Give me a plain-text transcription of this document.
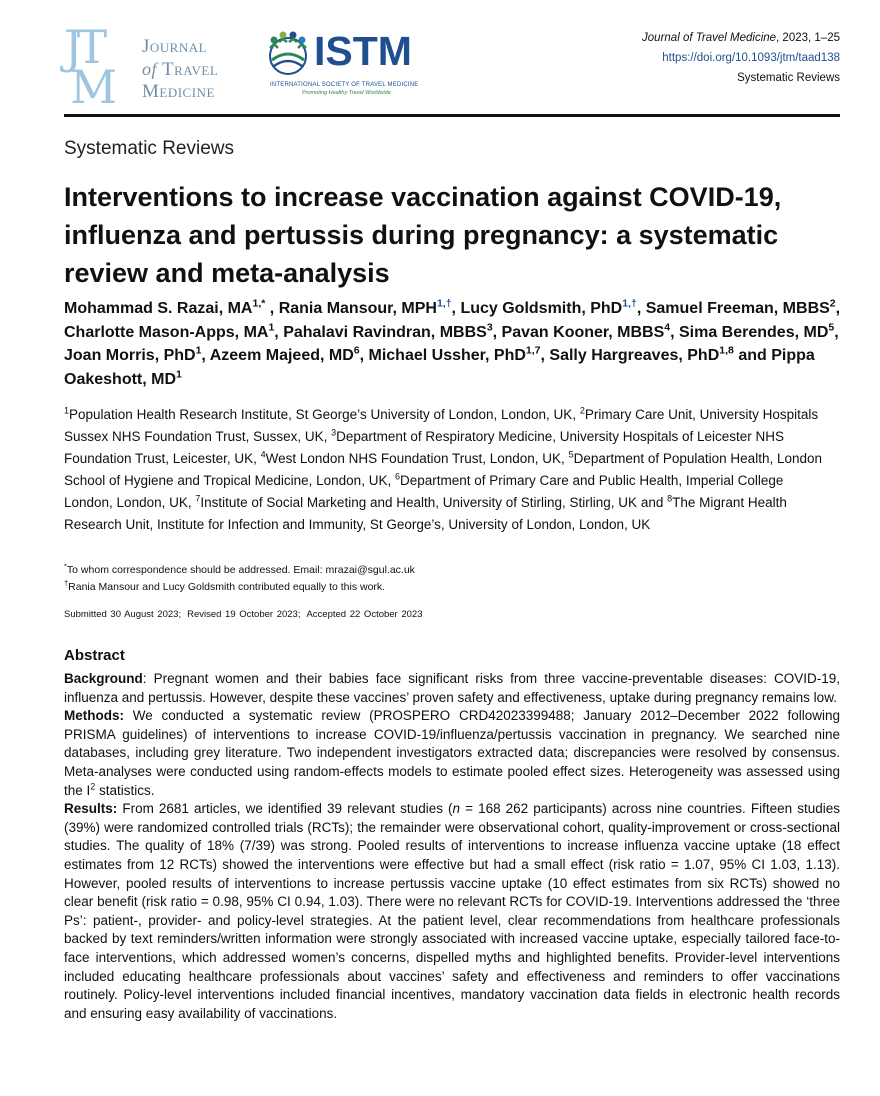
JT
M
Journal
of Travel
Medicine
ISTM
INTERNATIONAL SOCIETY OF TRAVEL MEDICINE
Promoting Healthy Travel Worldwide
Journal of Travel Medicine, 2023, 1–25
https://doi.org/10.1093/jtm/taad138
Systematic Reviews
Systematic Reviews
Interventions to increase vaccination against COVID-19, influenza and pertussis during pregnancy: a systematic review and meta-analysis

Mohammad S. Razai, $MA^{1,*}$ , Rania Mansour, $MPH^{1,\dagger}$, Lucy Goldsmith, PhD$^{1,\dagger}$, Samuel Freeman, MBBS$^2$, Charlotte Mason-Apps, $MA^1$, Pahalavi Ravindran, MBBS$^3$, Pavan Kooner, MBBS$^4$, Sima Berendes, $MD^5$, Joan Morris, PhD$^1$, Azeem Majeed, $MD^6$, Michael Ussher, PhD$^{1,7}$, Sally Hargreaves, PhD$^{1,8}$ and Pippa Oakeshott, $MD^1$

$^1$Population Health Research Institute, St George’s University of London, London, UK, $^2$Primary Care Unit, University Hospitals Sussex NHS Foundation Trust, Sussex, UK, $^3$Department of Respiratory Medicine, University Hospitals of Leicester NHS Foundation Trust, Leicester, UK, $^4$West London NHS Foundation Trust, London, UK, $^5$Department of Population Health, London School of Hygiene and Tropical Medicine, London, UK, $^6$Department of Primary Care and Public Health, Imperial College London, London, UK, $^7$Institute of Social Marketing and Health, University of Stirling, Stirling, UK and $^8$The Migrant Health Research Unit, Institute for Infection and Immunity, St George’s, University of London, London, UK

*To whom correspondence should be addressed. Email: mrazai@sgul.ac.uk
†Rania Mansour and Lucy Goldsmith contributed equally to this work.
Submitted 30 August 2023; Revised 19 October 2023; Accepted 22 October 2023
Abstract

Background: Pregnant women and their babies face significant risks from three vaccine-preventable diseases: COVID-19, influenza and pertussis. However, despite these vaccines’ proven safety and effectiveness, uptake during pregnancy remains low.

Methods: We conducted a systematic review (PROSPERO CRD42023399488; January 2012–December 2022 following PRISMA guidelines) of interventions to increase COVID-19/influenza/pertussis vaccination in pregnancy. We searched nine databases, including grey literature. Two independent investigators extracted data; discrepancies were resolved by consensus. Meta-analyses were conducted using random-effects models to estimate pooled effect sizes. Heterogeneity was assessed using the $I^2$ statistics.

Results: From 2681 articles, we identified 39 relevant studies (n = 168 262 participants) across nine countries. Fifteen studies (39%) were randomized controlled trials (RCTs); the remainder were observational cohort, quality-improvement or cross-sectional studies. The quality of 18% (7/39) was strong. Pooled results of interventions to increase influenza vaccine uptake (18 effect estimates from 12 RCTs) showed the interventions were effective but had a small effect (risk ratio = 1.07, 95% CI 1.03, 1.13). However, pooled results of interventions to increase pertussis vaccine uptake (10 effect estimates from six RCTs) showed no clear benefit (risk ratio = 0.98, 95% CI 0.94, 1.03). There were no relevant RCTs for COVID-19. Interventions addressed the ‘three Ps’: patient-, provider- and policy-level strategies. At the patient level, clear recommendations from healthcare professionals backed by text reminders/written information were strongly associated with increased vaccine uptake, especially tailored face-to-face interventions, which addressed women’s concerns, dispelled myths and highlighted benefits. Provider-level interventions included educating healthcare professionals about vaccines’ safety and effectiveness and reminders to offer vaccinations routinely. Policy-level interventions included financial incentives, mandatory vaccination data fields in electronic health records and ensuring easy availability of vaccinations.
